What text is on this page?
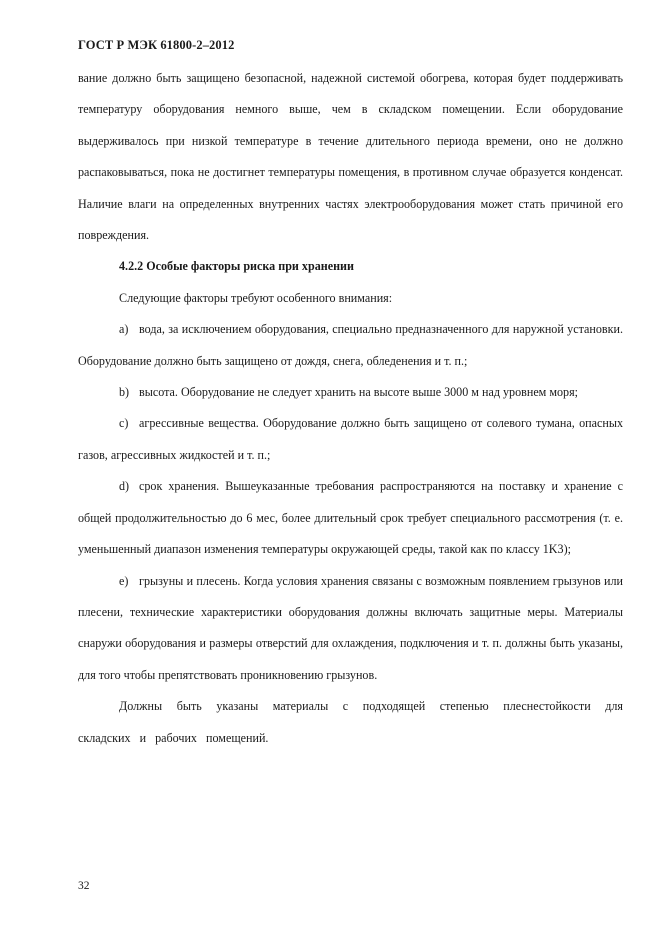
ГОСТ Р МЭК 61800-2–2012

вание должно быть защищено безопасной, надежной системой обогрева, которая будет поддерживать температуру оборудования немного выше, чем в складском помещении. Если оборудование выдерживалось при низкой температуре в течение длительного периода времени, оно не должно распаковываться, пока не достигнет температуры помещения, в противном случае образуется конденсат. Наличие влаги на определенных внутренних частях электрооборудования может стать причиной его повреждения.

4.2.2 Особые факторы риска при хранении

Следующие факторы требуют особенного внимания:

a) вода, за исключением оборудования, специально предназначенного для наружной установки. Оборудование должно быть защищено от дождя, снега, обледенения и т. п.;

b) высота. Оборудование не следует хранить на высоте выше 3000 м над уровнем моря;

c) агрессивные вещества. Оборудование должно быть защищено от солевого тумана, опасных газов, агрессивных жидкостей и т. п.;

d) срок хранения. Вышеуказанные требования распространяются на поставку и хранение с общей продолжительностью до 6 мес, более длительный срок требует специального рассмотрения (т. е. уменьшенный диапазон изменения температуры окружающей среды, такой как по классу 1K3);

e) грызуны и плесень. Когда условия хранения связаны с возможным появлением грызунов или плесени, технические характеристики оборудования должны включать защитные меры. Материалы снаружи оборудования и размеры отверстий для охлаждения, подключения и т. п. должны быть указаны, для того чтобы препятствовать проникновению грызунов.

Должны быть указаны материалы с подходящей степенью плеснестойкости для складских и рабочих помещений.

32
